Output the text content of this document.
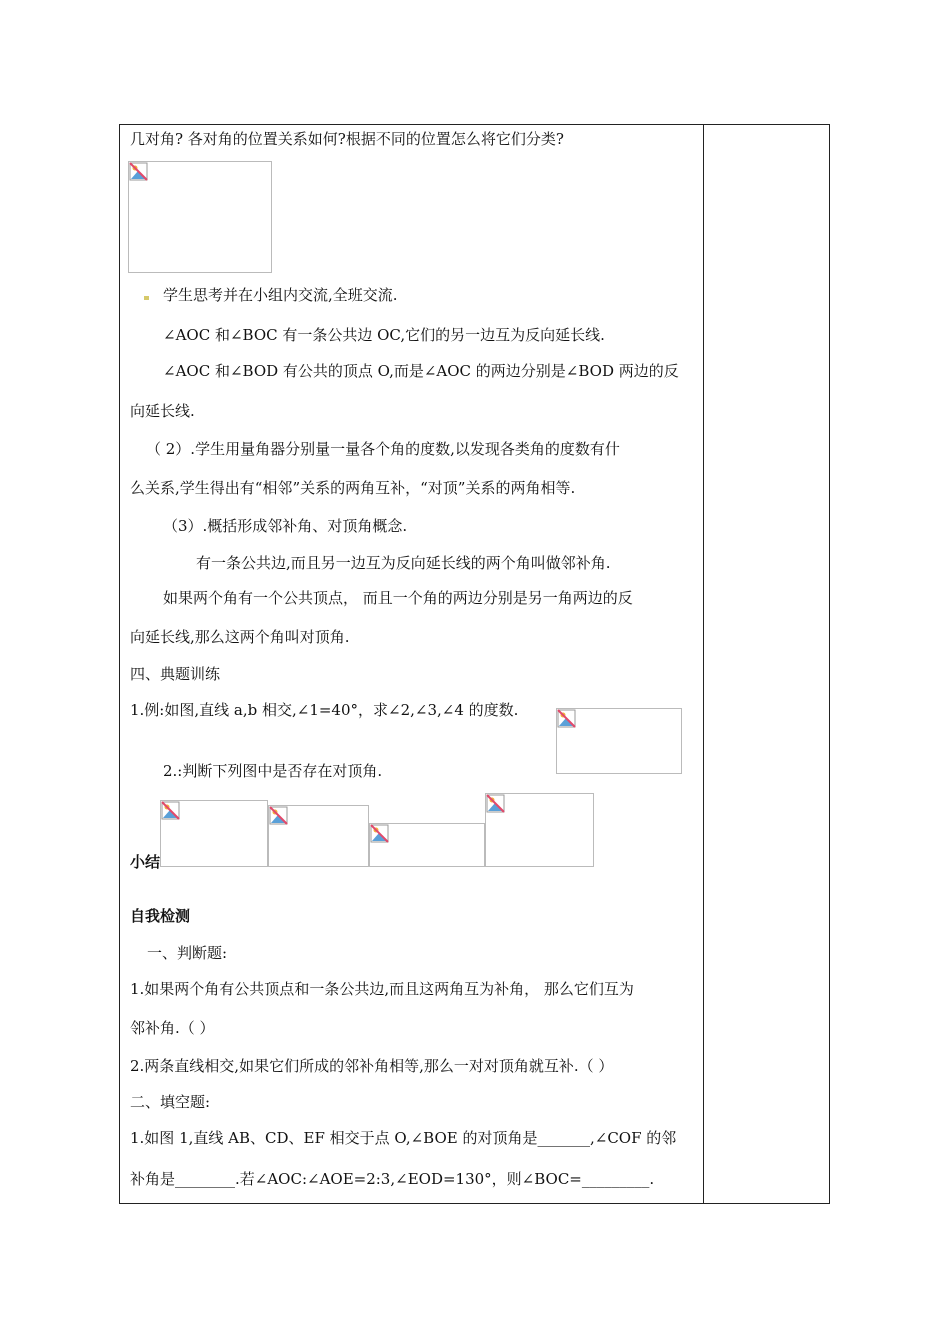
几对角? 各对角的位置关系如何?根据不同的位置怎么将它们分类?
学生思考并在小组内交流,全班交流.
∠AOC 和∠BOC 有一条公共边 OC,它们的另一边互为反向延长线.
∠AOC 和∠BOD 有公共的顶点 O,而是∠AOC 的两边分别是∠BOD 两边的反
向延长线.
（ 2）.学生用量角器分别量一量各个角的度数,以发现各类角的度数有什
么关系,学生得出有“相邻”关系的两角互补，“对顶”关系的两角相等.
（3）.概括形成邻补角、对顶角概念.
有一条公共边,而且另一边互为反向延长线的两个角叫做邻补角.
如果两个角有一个公共顶点， 而且一个角的两边分别是另一角两边的反
向延长线,那么这两个角叫对顶角.
四、典题训练
1.例:如图,直线 a,b 相交,∠1=40°，求∠2,∠3,∠4 的度数.
2.:判断下列图中是否存在对顶角.
小结
自我检测
一、判断题:
1.如果两个角有公共顶点和一条公共边,而且这两角互为补角， 那么它们互为
邻补角.（ ）
2.两条直线相交,如果它们所成的邻补角相等,那么一对对顶角就互补.（ ）
二、填空题:
1.如图 1,直线 AB、CD、EF 相交于点 O,∠BOE 的对顶角是_______,∠COF 的邻
补角是________.若∠AOC:∠AOE=2:3,∠EOD=130°，则∠BOC=_________.
